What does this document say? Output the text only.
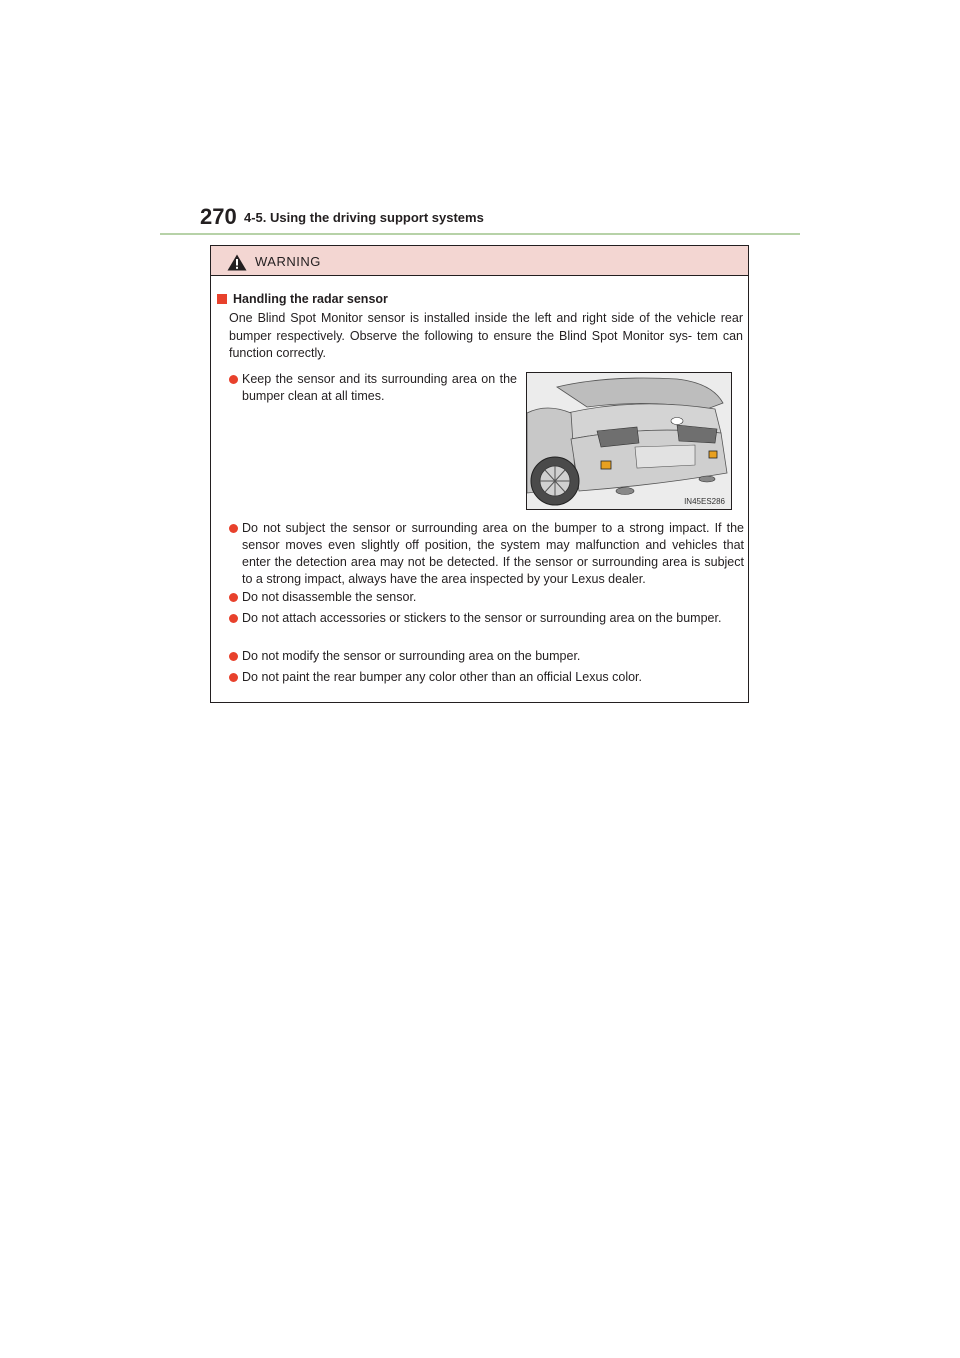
270 4-5. Using the driving support systems
WARNING
Handling the radar sensor
One Blind Spot Monitor sensor is installed inside the left and right side of the vehicle rear bumper respectively. Observe the following to ensure the Blind Spot Monitor sys- tem can function correctly.
Keep the sensor and its surrounding area on the bumper clean at all times.
IN45ES286
Do not subject the sensor or surrounding area on the bumper to a strong impact. If the sensor moves even slightly off position, the system may malfunction and vehicles that enter the detection area may not be detected. If the sensor or surrounding area is subject to a strong impact, always have the area inspected by your Lexus dealer.
Do not disassemble the sensor.
Do not attach accessories or stickers to the sensor or surrounding area on the bumper.
Do not modify the sensor or surrounding area on the bumper.
Do not paint the rear bumper any color other than an official Lexus color.
